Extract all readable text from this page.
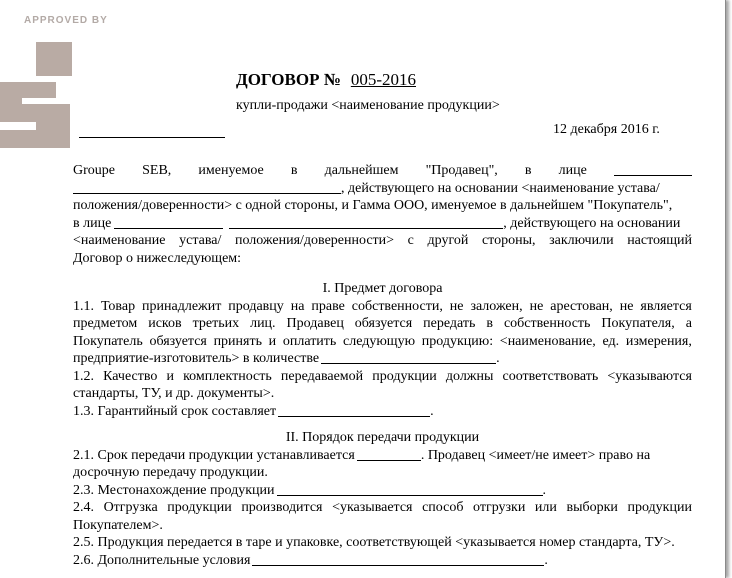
APPROVED BY
ДОГОВОР № 005-2016
купли-продажи <наименование продукции>
12 декабря 2016 г.
Groupe SEB, именуемое в дальнейшем "Продавец", в лице
, действующего на основании <наименование устава/
положения/доверенности> с одной стороны, и Гамма ООО, именуемое в дальнейшем "Покупатель",
в лице	, действующего на основании
<наименование устава/ положения/доверенности> с другой стороны, заключили настоящий
Договор о нижеследующем:
I. Предмет договора
1.1. Товар принадлежит продавцу на праве собственности, не заложен, не арестован, не является
предметом исков третьих лиц. Продавец обязуется передать в собственность Покупателя, а
Покупатель обязуется принять и оплатить следующую продукцию: <наименование, ед. измерения,
предприятие-изготовитель> в количестве	.
1.2. Качество и комплектность передаваемой продукции должны соответствовать <указываются
стандарты, ТУ, и др. документы>.
1.3. Гарантийный срок составляет	.
II. Порядок передачи продукции
2.1. Срок передачи продукции устанавливается	. Продавец <имеет/не имеет> право на
досрочную передачу продукции.
2.3. Местонахождение продукции	.
2.4. Отгрузка продукции производится <указывается способ отгрузки или выборки продукции
Покупателем>.
2.5. Продукция передается в таре и упаковке, соответствующей <указывается номер стандарта, ТУ>.
2.6. Дополнительные условия	.
